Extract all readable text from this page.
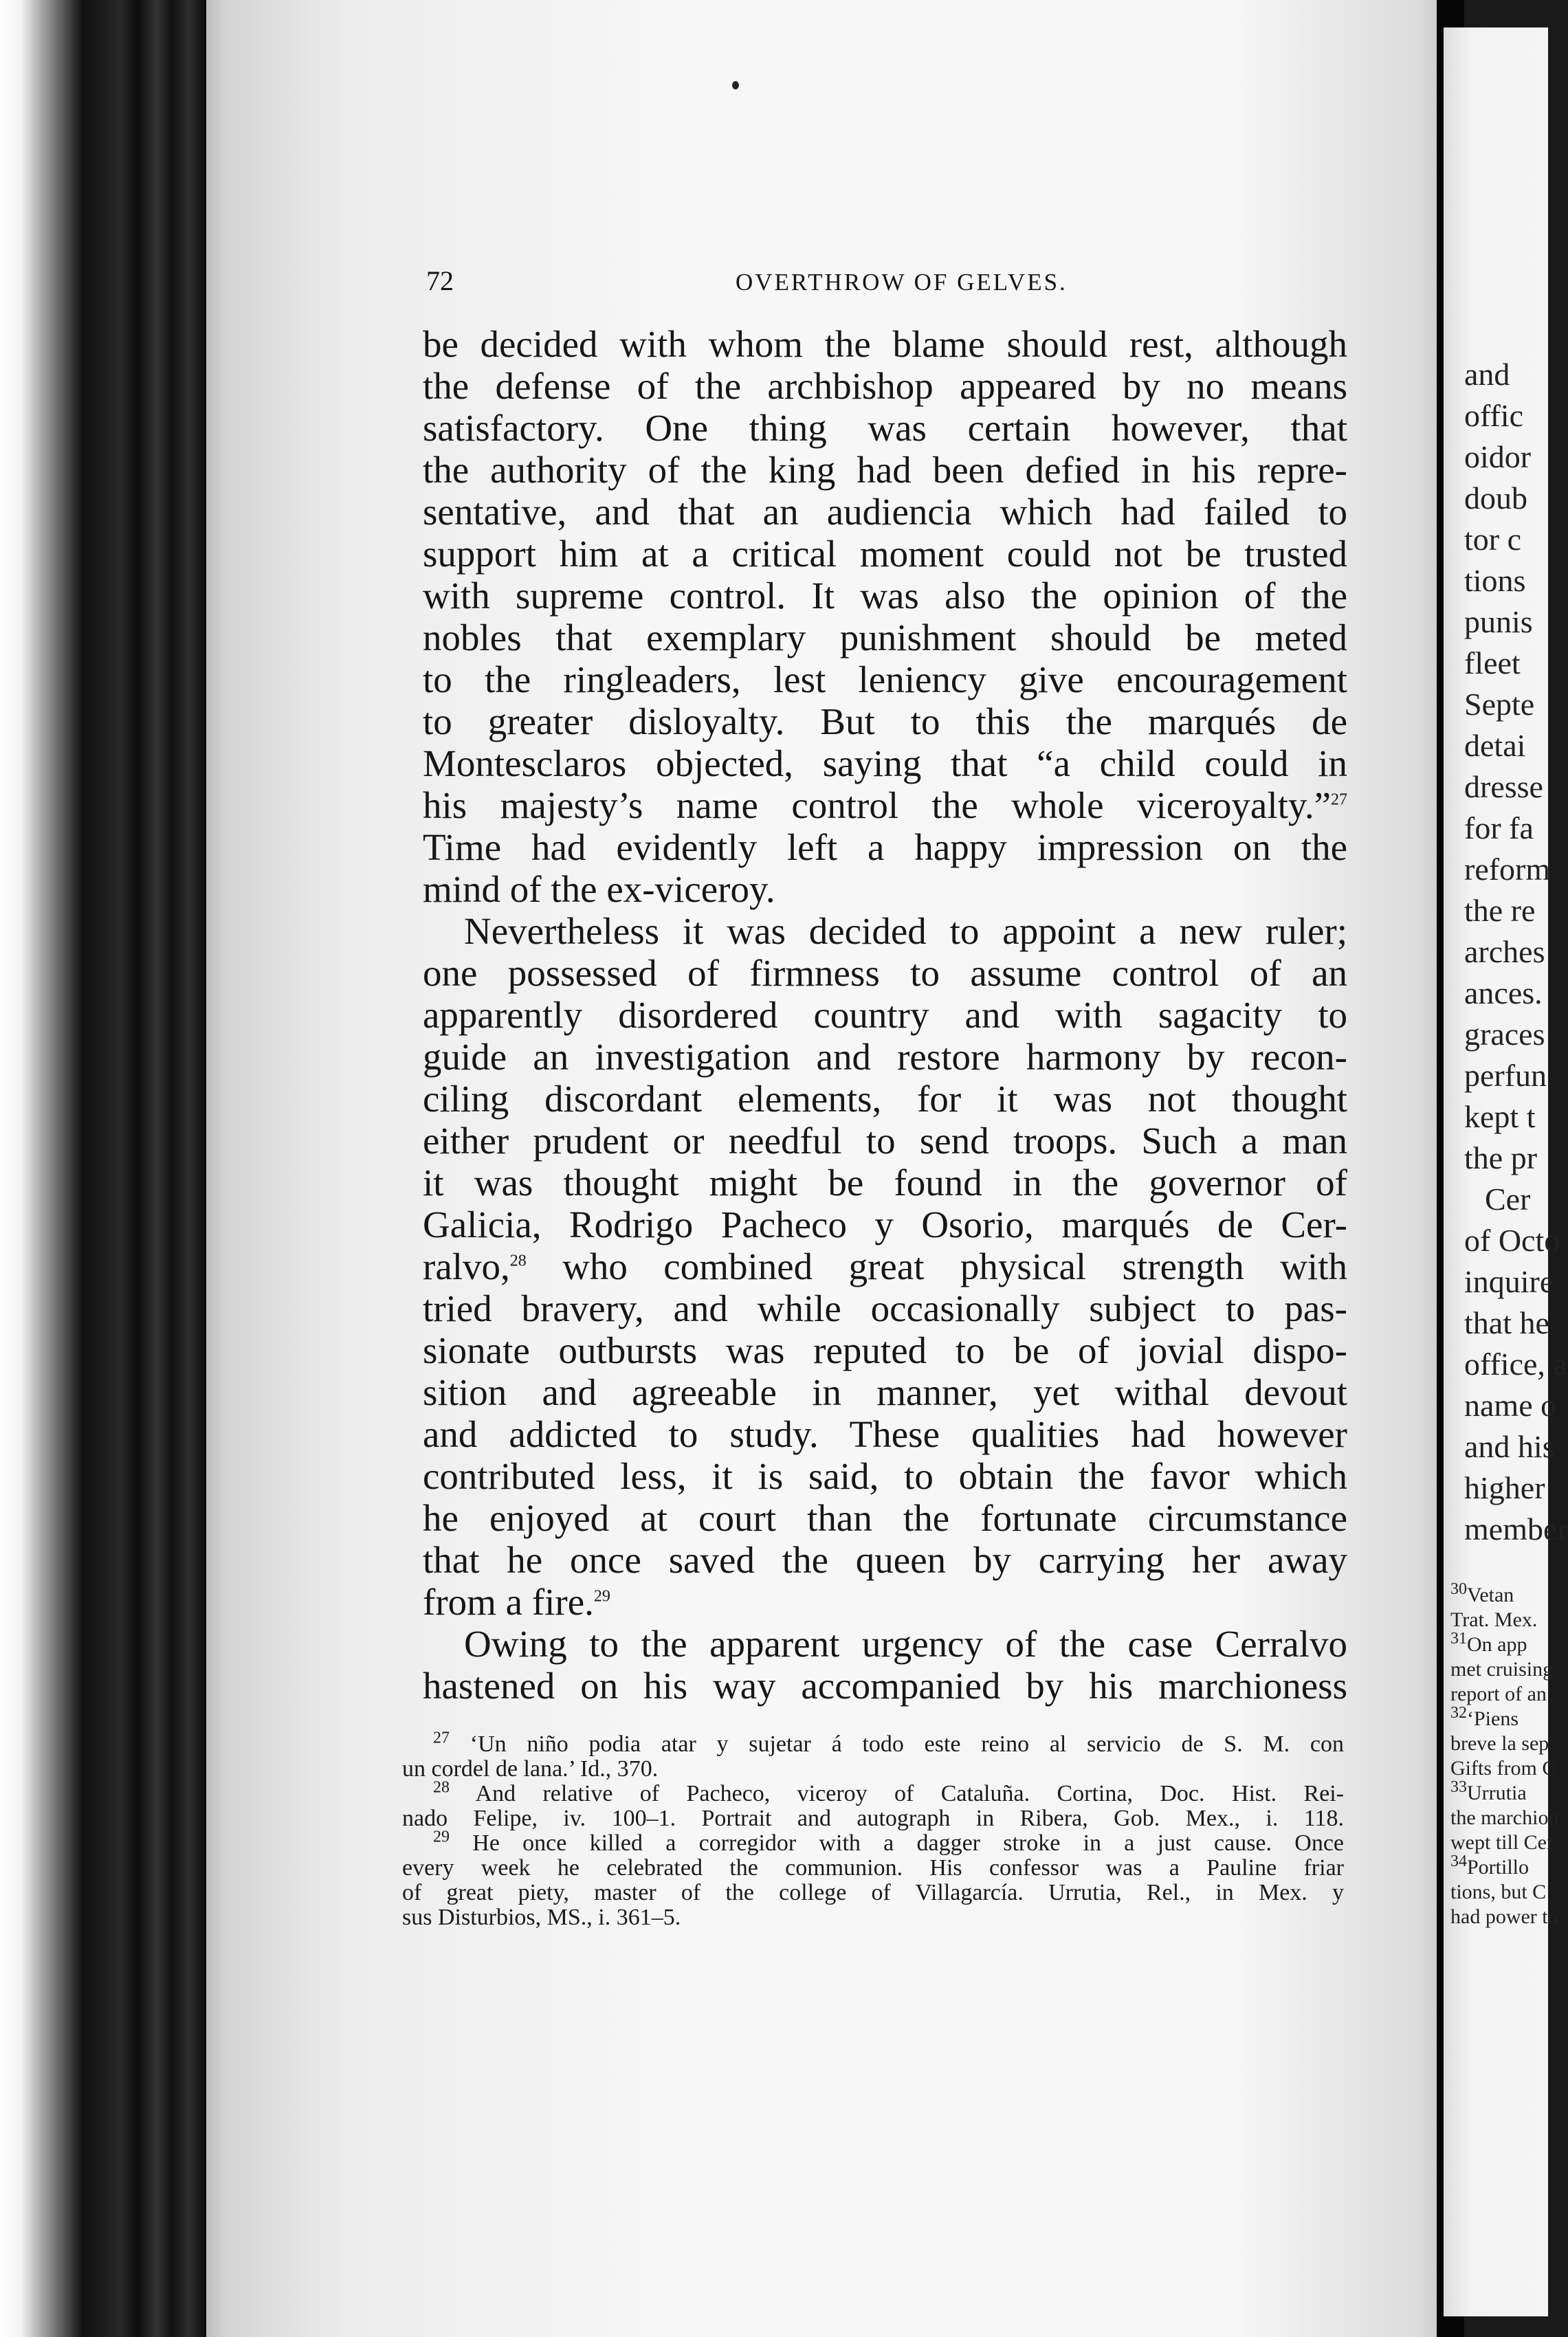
72	OVERTHROW OF GELVES.
be decided with whom the blame should rest, although
the defense of the archbishop appeared by no means
satisfactory. One thing was certain however, that
the authority of the king had been defied in his repre-
sentative, and that an audiencia which had failed to
support him at a critical moment could not be trusted
with supreme control. It was also the opinion of the
nobles that exemplary punishment should be meted
to the ringleaders, lest leniency give encouragement
to greater disloyalty. But to this the marqués de
Montesclaros objected, saying that “a child could in
his majesty’s name control the whole viceroyalty.”$^{27}$
Time had evidently left a happy impression on the
mind of the ex-viceroy.
Nevertheless it was decided to appoint a new ruler;
one possessed of firmness to assume control of an
apparently disordered country and with sagacity to
guide an investigation and restore harmony by recon-
ciling discordant elements, for it was not thought
either prudent or needful to send troops. Such a man
it was thought might be found in the governor of
Galicia, Rodrigo Pacheco y Osorio, marqués de Cer-
ralvo,$^{28}$ who combined great physical strength with
tried bravery, and while occasionally subject to pas-
sionate outbursts was reputed to be of jovial dispo-
sition and agreeable in manner, yet withal devout
and addicted to study. These qualities had however
contributed less, it is said, to obtain the favor which
he enjoyed at court than the fortunate circumstance
that he once saved the queen by carrying her away
from a fire.$^{29}$
Owing to the apparent urgency of the case Cerralvo
hastened on his way accompanied by his marchioness
$^{27}$ ‘Un niño podia atar y sujetar á todo este reino al servicio de S. M. con
un cordel de lana.’ Id., 370.
$^{28}$ And relative of Pacheco, viceroy of Cataluña. Cortina, Doc. Hist. Rei-
nado Felipe, iv. 100–1. Portrait and autograph in Ribera, Gob. Mex., i. 118.
$^{29}$ He once killed a corregidor with a dagger stroke in a just cause. Once
every week he celebrated the communion. His confessor was a Pauline friar
of great piety, master of the college of Villagarcía. Urrutia, Rel., in Mex. y
sus Disturbios, MS., i. 361–5.
and
offic
oidor
doub
tor c
tions
punis
fleet
Septe
detai
dresse
for fa
reform
the re
arches
ances.
graces
perfun
kept t
the pr
Cer
of Octo
inquire
that he
office, a
name o
and his
higher
member
$^{30}$Vetan
Trat. Mex.
$^{31}$On app
met cruising
report of an
$^{32}$‘Piens
breve la sep
Gifts from C
$^{33}$Urrutia
the marchion
wept till Cer
$^{34}$Portillo
tions, but C
had power to
